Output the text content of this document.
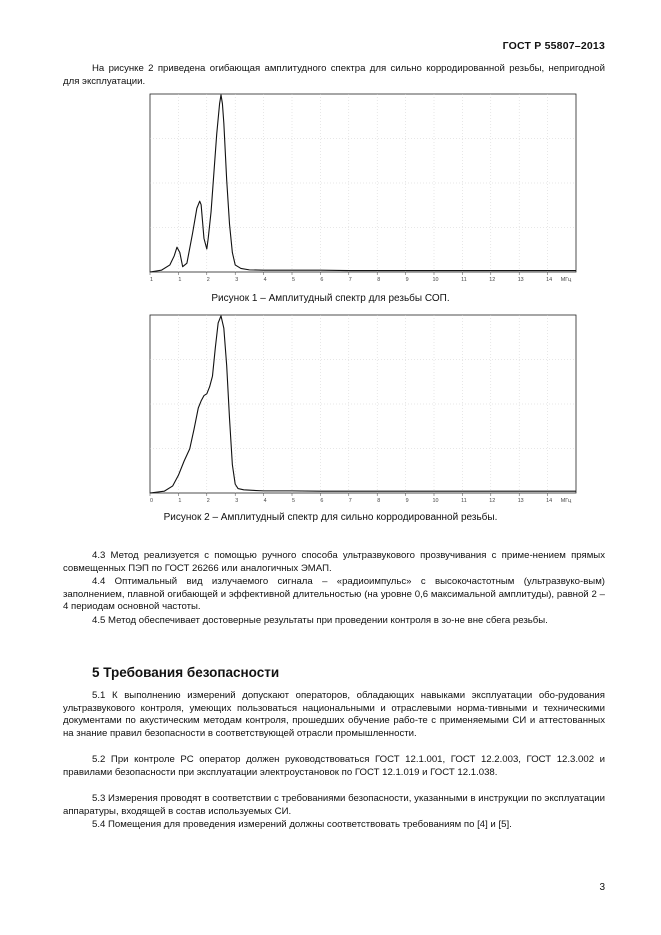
ГОСТ Р 55807–2013

На рисунке 2 приведена огибающая амплитудного спектра для сильно корродированной резьбы, непригодной для эксплуатации.

1	1	2	3	4	5	6	7	8	9	10	11	12	13	14 МГц
Рисунок 1 – Амплитудный спектр для резьбы СОП.
0	1	2	3	4	5	6	7	8	9	10	11	12	13	14 МГц
Рисунок 2 – Амплитудный спектр для сильно корродированной резьбы.

4.3 Метод реализуется с помощью ручного способа ультразвукового прозвучивания с приме-нением прямых совмещенных ПЭП по ГОСТ 26266 или аналогичных ЭМАП.

4.4 Оптимальный вид излучаемого сигнала – «радиоимпульс» с высокочастотным (ультразвуко-вым) заполнением, плавной огибающей и эффективной длительностью (на уровне 0,6 максимальной амплитуды), равной 2 – 4 периодам основной частоты.

4.5 Метод обеспечивает достоверные результаты при проведении контроля в зо-не вне сбега резьбы.

5 Требования безопасности

5.1 К выполнению измерений допускают операторов, обладающих навыками эксплуатации обо-рудования ультразвукового контроля, умеющих пользоваться национальными и отраслевыми норма-тивными и техническими документами по акустическим методам контроля, прошедших обучение рабо-те с применяемыми СИ и аттестованных на знание правил безопасности в соответствующей отрасли промышленности.

5.2 При контроле РС оператор должен руководствоваться ГОСТ 12.1.001, ГОСТ 12.2.003, ГОСТ 12.3.002 и правилами безопасности при эксплуатации электроустановок по ГОСТ 12.1.019 и ГОСТ 12.1.038.

5.3 Измерения проводят в соответствии с требованиями безопасности, указанными в инструкции по эксплуатации аппаратуры, входящей в состав используемых СИ.

5.4 Помещения для проведения измерений должны соответствовать требованиям по [4] и [5].

3
